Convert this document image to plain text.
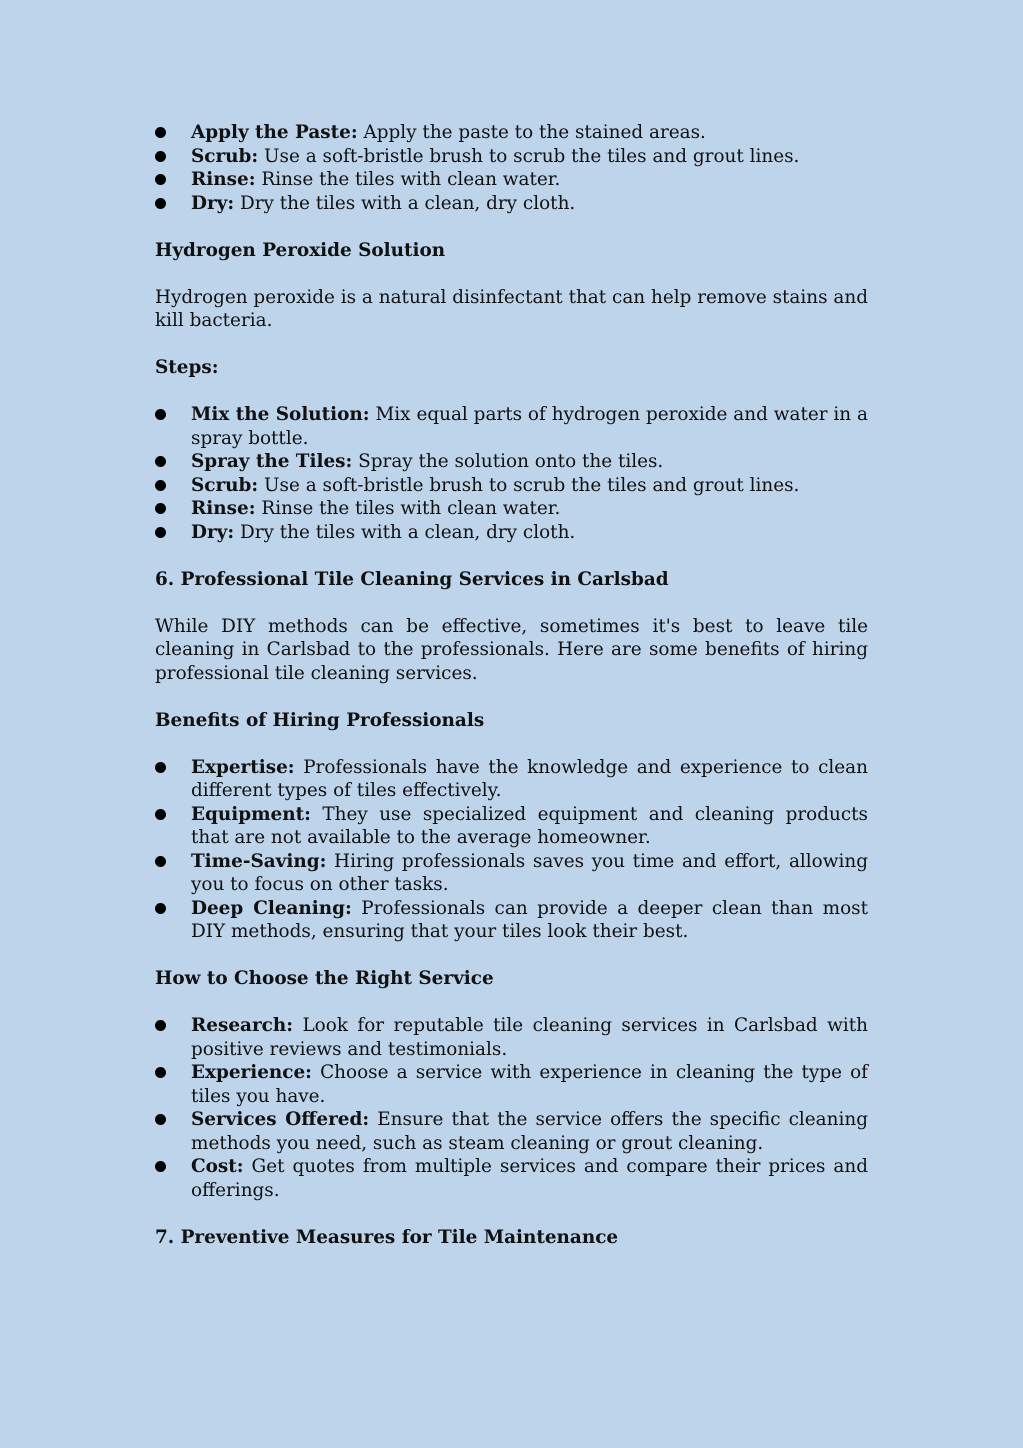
Apply the Paste: Apply the paste to the stained areas.
Scrub: Use a soft-bristle brush to scrub the tiles and grout lines.
Rinse: Rinse the tiles with clean water.
Dry: Dry the tiles with a clean, dry cloth.
Hydrogen Peroxide Solution

Hydrogen peroxide is a natural disinfectant that can help remove stains and kill bacteria.

Steps:
Mix the Solution: Mix equal parts of hydrogen peroxide and water in a spray bottle.
Spray the Tiles: Spray the solution onto the tiles.
Scrub: Use a soft-bristle brush to scrub the tiles and grout lines.
Rinse: Rinse the tiles with clean water.
Dry: Dry the tiles with a clean, dry cloth.
6. Professional Tile Cleaning Services in Carlsbad

While DIY methods can be effective, sometimes it's best to leave tile cleaning in Carlsbad to the professionals. Here are some benefits of hiring professional tile cleaning services.

Benefits of Hiring Professionals
Expertise: Professionals have the knowledge and experience to clean different types of tiles effectively.
Equipment: They use specialized equipment and cleaning products that are not available to the average homeowner.
Time-Saving: Hiring professionals saves you time and effort, allowing you to focus on other tasks.
Deep Cleaning: Professionals can provide a deeper clean than most DIY methods, ensuring that your tiles look their best.
How to Choose the Right Service
Research: Look for reputable tile cleaning services in Carlsbad with positive reviews and testimonials.
Experience: Choose a service with experience in cleaning the type of tiles you have.
Services Offered: Ensure that the service offers the specific cleaning methods you need, such as steam cleaning or grout cleaning.
Cost: Get quotes from multiple services and compare their prices and offerings.
7. Preventive Measures for Tile Maintenance
